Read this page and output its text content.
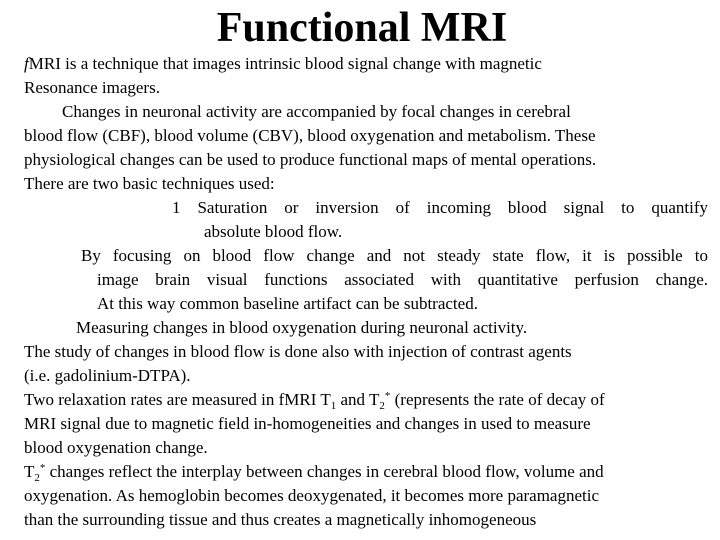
Functional MRI
fMRI is a technique that images intrinsic blood signal change with magnetic
Resonance imagers.
Changes in neuronal activity are accompanied by focal changes in cerebral
blood flow (CBF), blood volume (CBV), blood oxygenation and metabolism. These
physiological changes can be used to produce functional maps of mental operations.
There are two basic techniques used:
1 Saturation or inversion of incoming blood signal to quantify
absolute blood flow.
By focusing on blood flow change and not steady state flow, it is possible to
image brain visual functions associated with quantitative perfusion change.
At this way common baseline artifact can be subtracted.
Measuring changes in blood oxygenation during neuronal activity.
The study of changes in blood flow is done also with injection of contrast agents
(i.e. gadolinium-DTPA).
Two relaxation rates are measured in fMRI $T_1$ and $T_2^*$ (represents the rate of decay of
MRI signal due to magnetic field in-homogeneities and changes in used to measure
blood oxygenation change.
$T_2^*$ changes reflect the interplay between changes in cerebral blood flow, volume and
oxygenation. As hemoglobin becomes deoxygenated, it becomes more paramagnetic
than the surrounding tissue and thus creates a magnetically inhomogeneous
